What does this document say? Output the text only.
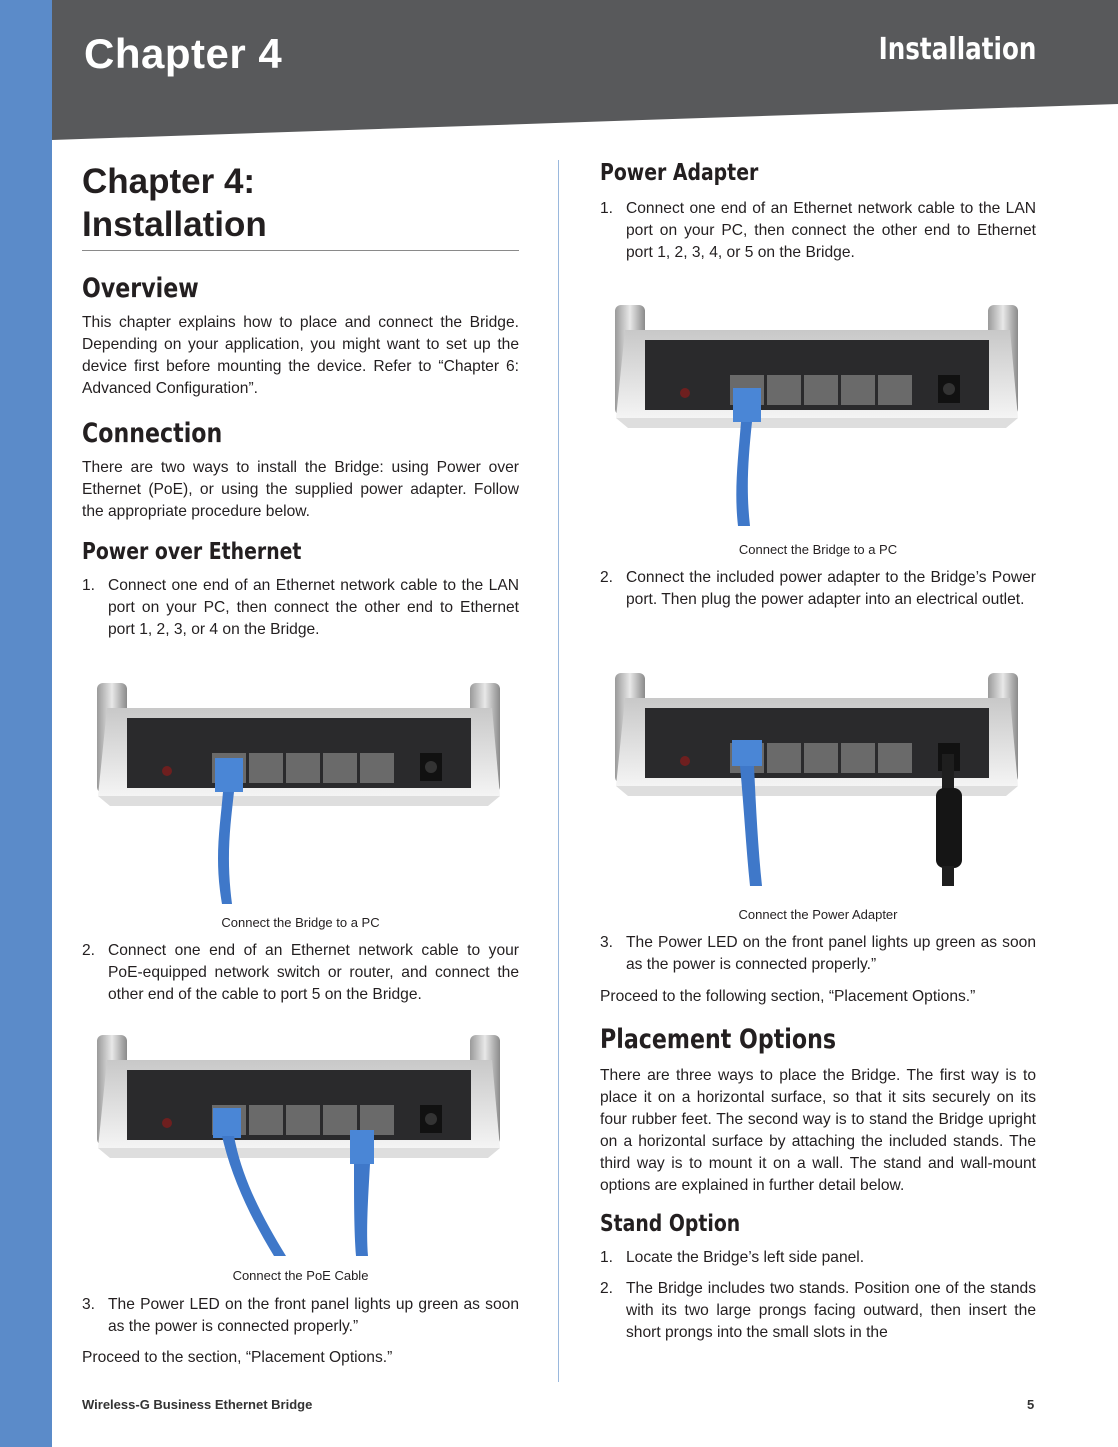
Chapter 4	Installation
Chapter 4:
Installation
Overview

This chapter explains how to place and connect the Bridge. Depending on your application, you might want to set up the device first before mounting the device. Refer to “Chapter 6: Advanced Configuration”.

Connection

There are two ways to install the Bridge: using Power over Ethernet (PoE), or using the supplied power adapter. Follow the appropriate procedure below.

Power over Ethernet
1. Connect one end of an Ethernet network cable to the LAN port on your PC, then connect the other end to Ethernet port 1, 2, 3, or 4 on the Bridge.
Connect the Bridge to a PC
2. Connect one end of an Ethernet network cable to your PoE-equipped network switch or router, and connect the other end of the cable to port 5 on the Bridge.
Connect the PoE Cable
3. The Power LED on the front panel lights up green as soon as the power is connected properly.”

Proceed to the section, “Placement Options.”

Power Adapter
1. Connect one end of an Ethernet network cable to the LAN port on your PC, then connect the other end to Ethernet port 1, 2, 3, 4, or 5 on the Bridge.
Connect the Bridge to a PC
2. Connect the included power adapter to the Bridge’s Power port. Then plug the power adapter into an electrical outlet.
Connect the Power Adapter
3. The Power LED on the front panel lights up green as soon as the power is connected properly.”

Proceed to the following section, “Placement Options.”

Placement Options

There are three ways to place the Bridge. The first way is to place it on a horizontal surface, so that it sits securely on its four rubber feet. The second way is to stand the Bridge upright on a horizontal surface by attaching the included stands. The third way is to mount it on a wall. The stand and wall-mount options are explained in further detail below.

Stand Option
1. Locate the Bridge’s left side panel.
2. The Bridge includes two stands. Position one of the stands with its two large prongs facing outward, then insert the short prongs into the small slots in the
Wireless-G Business Ethernet Bridge	5
